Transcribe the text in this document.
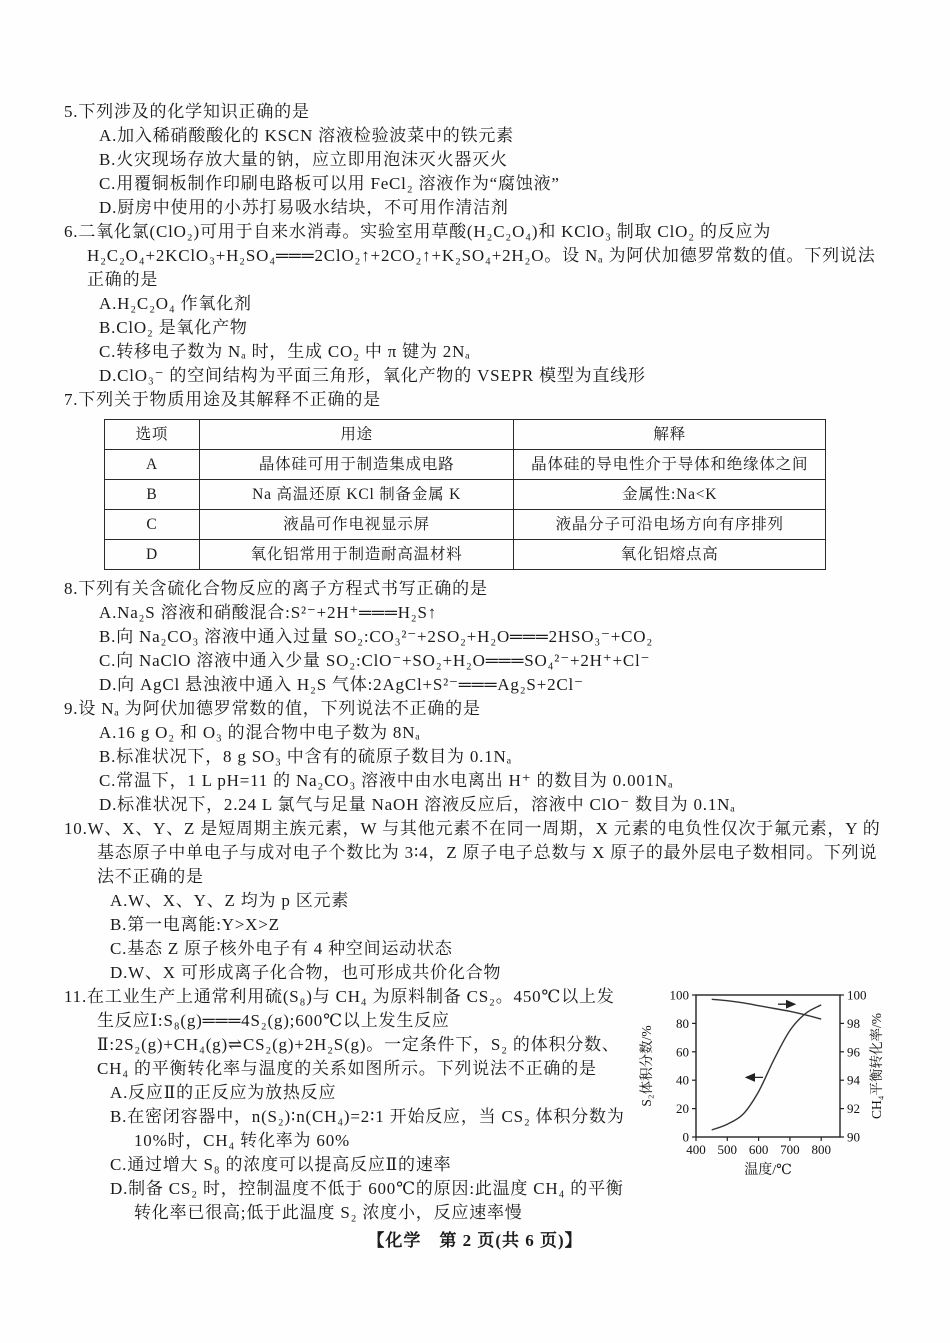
5.下列涉及的化学知识正确的是

A.加入稀硝酸酸化的 KSCN 溶液检验波菜中的铁元素

B.火灾现场存放大量的钠，应立即用泡沫灭火器灭火

C.用覆铜板制作印刷电路板可以用 FeCl₂ 溶液作为“腐蚀液”

D.厨房中使用的小苏打易吸水结块，不可用作清洁剂

6.二氧化氯(ClO₂)可用于自来水消毒。实验室用草酸(H₂C₂O₄)和 KClO₃ 制取 ClO₂ 的反应为 H₂C₂O₄+2KClO₃+H₂SO₄═══2ClO₂↑+2CO₂↑+K₂SO₄+2H₂O。设 Nₐ 为阿伏加德罗常数的值。下列说法正确的是

A.H₂C₂O₄ 作氧化剂

B.ClO₂ 是氧化产物

C.转移电子数为 Nₐ 时，生成 CO₂ 中 π 键为 2Nₐ

D.ClO₃⁻ 的空间结构为平面三角形，氧化产物的 VSEPR 模型为直线形

7.下列关于物质用途及其解释不正确的是

选项	用途	解释
A	晶体硅可用于制造集成电路	晶体硅的导电性介于导体和绝缘体之间
B	Na 高温还原 KCl 制备金属 K	金属性:Na<K
C	液晶可作电视显示屏	液晶分子可沿电场方向有序排列
D	氧化铝常用于制造耐高温材料	氧化铝熔点高

8.下列有关含硫化合物反应的离子方程式书写正确的是

A.Na₂S 溶液和硝酸混合:S²⁻+2H⁺═══H₂S↑

B.向 Na₂CO₃ 溶液中通入过量 SO₂:CO₃²⁻+2SO₂+H₂O═══2HSO₃⁻+CO₂

C.向 NaClO 溶液中通入少量 SO₂:ClO⁻+SO₂+H₂O═══SO₄²⁻+2H⁺+Cl⁻

D.向 AgCl 悬浊液中通入 H₂S 气体:2AgCl+S²⁻═══Ag₂S+2Cl⁻

9.设 Nₐ 为阿伏加德罗常数的值，下列说法不正确的是

A.16 g O₂ 和 O₃ 的混合物中电子数为 8Nₐ

B.标准状况下，8 g SO₃ 中含有的硫原子数目为 0.1Nₐ

C.常温下，1 L pH=11 的 Na₂CO₃ 溶液中由水电离出 H⁺ 的数目为 0.001Nₐ

D.标准状况下，2.24 L 氯气与足量 NaOH 溶液反应后，溶液中 ClO⁻ 数目为 0.1Nₐ

10.W、X、Y、Z 是短周期主族元素，W 与其他元素不在同一周期，X 元素的电负性仅次于氟元素，Y 的基态原子中单电子与成对电子个数比为 3∶4，Z 原子电子总数与 X 原子的最外层电子数相同。下列说法不正确的是

A.W、X、Y、Z 均为 p 区元素

B.第一电离能:Y>X>Z

C.基态 Z 原子核外电子有 4 种空间运动状态

D.W、X 可形成离子化合物，也可形成共价化合物

400 500 600 700 800
0
20
40
60
80
100
90
92
94
96
98
100
温度/℃
S₂体积分数/%	CH₄平衡转化率/%

11.在工业生产上通常利用硫(S₈)与 CH₄ 为原料制备 CS₂。450℃以上发生反应Ⅰ:S₈(g)═══4S₂(g);600℃以上发生反应Ⅱ:2S₂(g)+CH₄(g)⇌CS₂(g)+2H₂S(g)。一定条件下，S₂ 的体积分数、CH₄ 的平衡转化率与温度的关系如图所示。下列说法不正确的是

A.反应Ⅱ的正反应为放热反应

B.在密闭容器中，n(S₂)∶n(CH₄)=2∶1 开始反应，当 CS₂ 体积分数为 10%时，CH₄ 转化率为 60%

C.通过增大 S₈ 的浓度可以提高反应Ⅱ的速率

D.制备 CS₂ 时，控制温度不低于 600℃的原因:此温度 CH₄ 的平衡转化率已很高;低于此温度 S₂ 浓度小，反应速率慢

【化学　第 2 页(共 6 页)】
